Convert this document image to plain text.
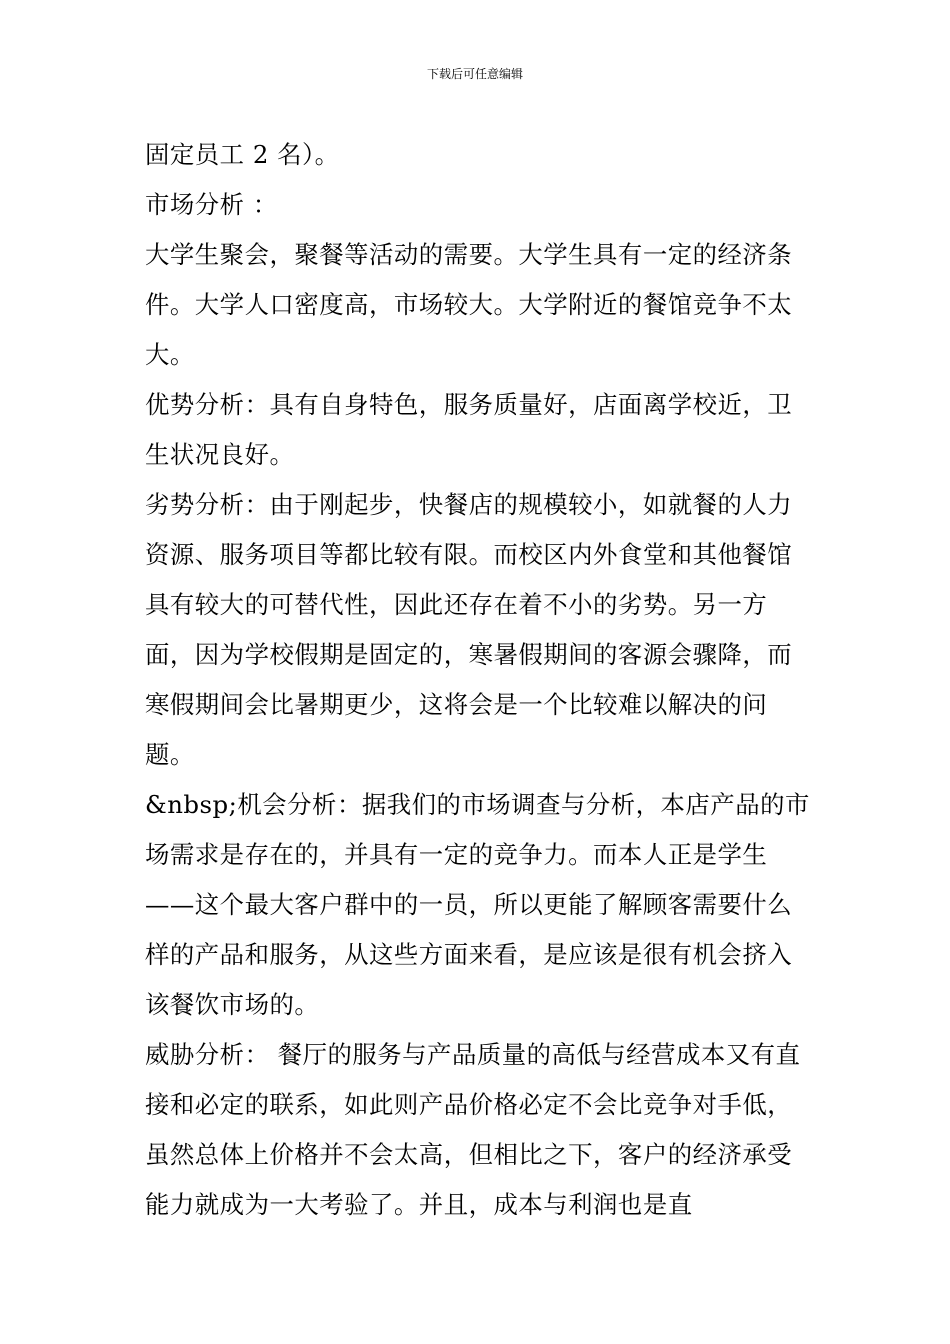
下载后可任意编辑

固定员工 2 名）。

市场分析 ：

大学生聚会，聚餐等活动的需要。大学生具有一定的经济条件。大学人口密度高，市场较大。大学附近的餐馆竞争不太大。

优势分析：具有自身特色，服务质量好，店面离学校近，卫生状况良好。

劣势分析：由于刚起步，快餐店的规模较小，如就餐的人力资源、服务项目等都比较有限。而校区内外食堂和其他餐馆具有较大的可替代性，因此还存在着不小的劣势。另一方面，因为学校假期是固定的，寒暑假期间的客源会骤降，而寒假期间会比暑期更少，这将会是一个比较难以解决的问题。

&nbsp;机会分析：据我们的市场调查与分析，本店产品的市场需求是存在的，并具有一定的竞争力。而本人正是学生——这个最大客户群中的一员，所以更能了解顾客需要什么样的产品和服务，从这些方面来看，是应该是很有机会挤入该餐饮市场的。

威胁分析： 餐厅的服务与产品质量的高低与经营成本又有直接和必定的联系，如此则产品价格必定不会比竞争对手低，虽然总体上价格并不会太高，但相比之下，客户的经济承受能力就成为一大考验了。并且，成本与利润也是直
